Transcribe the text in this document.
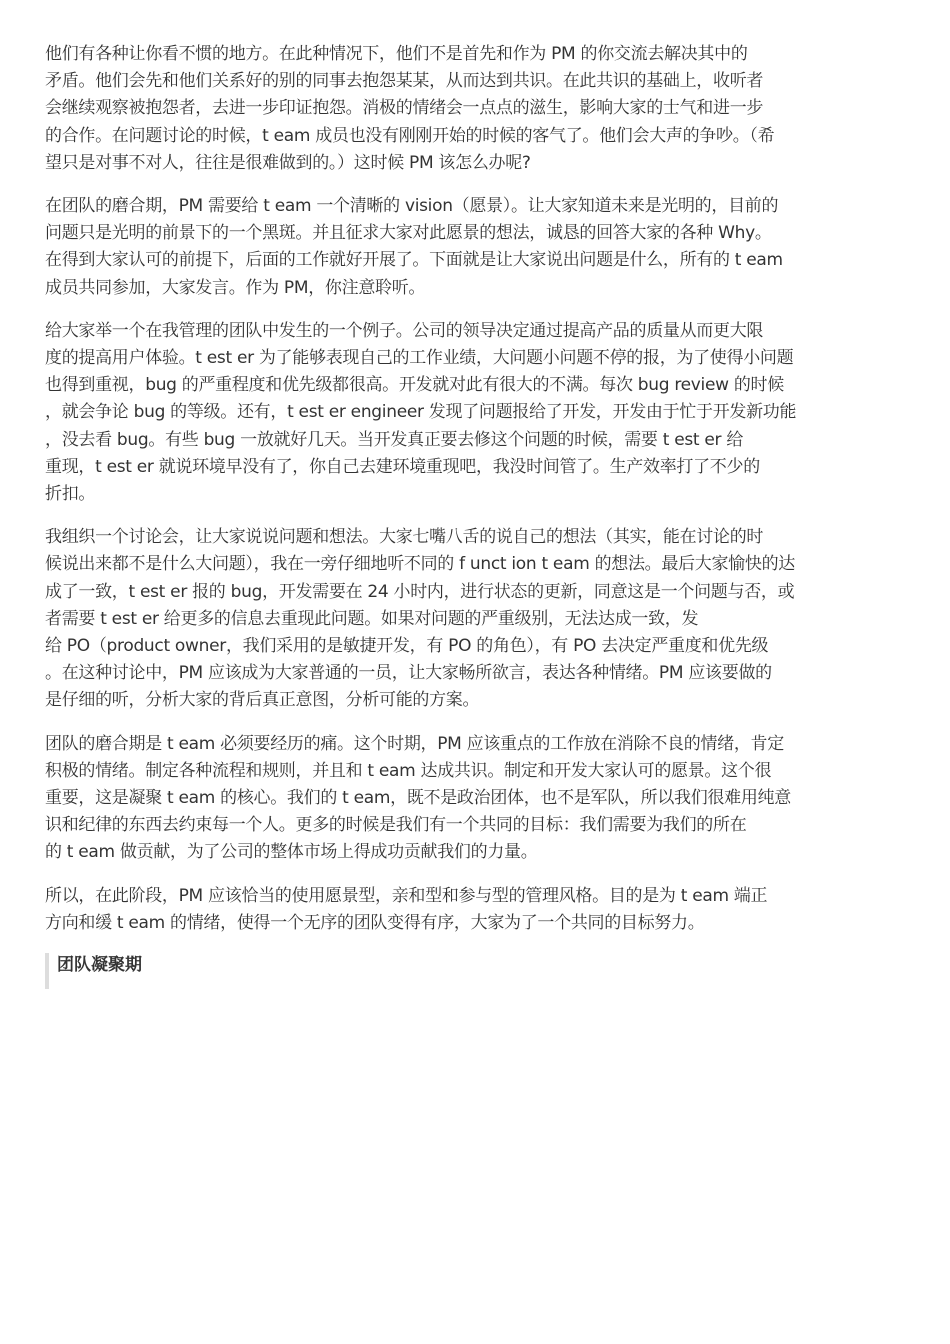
他们有各种让你看不惯的地方。在此种情况下，他们不是首先和作为 PM 的你交流去解决其中的
矛盾。他们会先和他们关系好的别的同事去抱怨某某，从而达到共识。在此共识的基础上，收听者
会继续观察被抱怨者，去进一步印证抱怨。消极的情绪会一点点的滋生，影响大家的士气和进一步
的合作。在问题讨论的时候，t eam 成员也没有刚刚开始的时候的客气了。他们会大声的争吵。（希
望只是对事不对人，往往是很难做到的。）这时候 PM 该怎么办呢?
在团队的磨合期，PM 需要给 t eam 一个清晰的 vision（愿景）。让大家知道未来是光明的，目前的
问题只是光明的前景下的一个黑斑。并且征求大家对此愿景的想法，诚恳的回答大家的各种 Why。
在得到大家认可的前提下，后面的工作就好开展了。下面就是让大家说出问题是什么，所有的 t eam
成员共同参加，大家发言。作为 PM，你注意聆听。
给大家举一个在我管理的团队中发生的一个例子。公司的领导决定通过提高产品的质量从而更大限
度的提高用户体验。t est er 为了能够表现自己的工作业绩，大问题小问题不停的报，为了使得小问题
也得到重视，bug 的严重程度和优先级都很高。开发就对此有很大的不满。每次 bug review 的时候
，就会争论 bug 的等级。还有，t est er engineer 发现了问题报给了开发，开发由于忙于开发新功能
，没去看 bug。有些 bug 一放就好几天。当开发真正要去修这个问题的时候，需要 t est er 给
重现，t est er 就说环境早没有了，你自己去建环境重现吧，我没时间管了。生产效率打了不少的
折扣。
我组织一个讨论会，让大家说说问题和想法。大家七嘴八舌的说自己的想法（其实，能在讨论的时
候说出来都不是什么大问题），我在一旁仔细地听不同的 f unct ion t eam 的想法。最后大家愉快的达
成了一致，t est er 报的 bug，开发需要在 24 小时内，进行状态的更新，同意这是一个问题与否，或
者需要 t est er 给更多的信息去重现此问题。如果对问题的严重级别，无法达成一致，发
给 PO（product owner，我们采用的是敏捷开发，有 PO 的角色），有 PO 去决定严重度和优先级
。在这种讨论中，PM 应该成为大家普通的一员，让大家畅所欲言，表达各种情绪。PM 应该要做的
是仔细的听，分析大家的背后真正意图，分析可能的方案。
团队的磨合期是 t eam 必须要经历的痛。这个时期，PM 应该重点的工作放在消除不良的情绪，肯定
积极的情绪。制定各种流程和规则，并且和 t eam 达成共识。制定和开发大家认可的愿景。这个很
重要，这是凝聚 t eam 的核心。我们的 t eam，既不是政治团体，也不是军队，所以我们很难用纯意
识和纪律的东西去约束每一个人。更多的时候是我们有一个共同的目标：我们需要为我们的所在
的 t eam 做贡献，为了公司的整体市场上得成功贡献我们的力量。
所以，在此阶段，PM 应该恰当的使用愿景型，亲和型和参与型的管理风格。目的是为 t eam 端正
方向和缓 t eam 的情绪，使得一个无序的团队变得有序，大家为了一个共同的目标努力。
团队凝聚期
